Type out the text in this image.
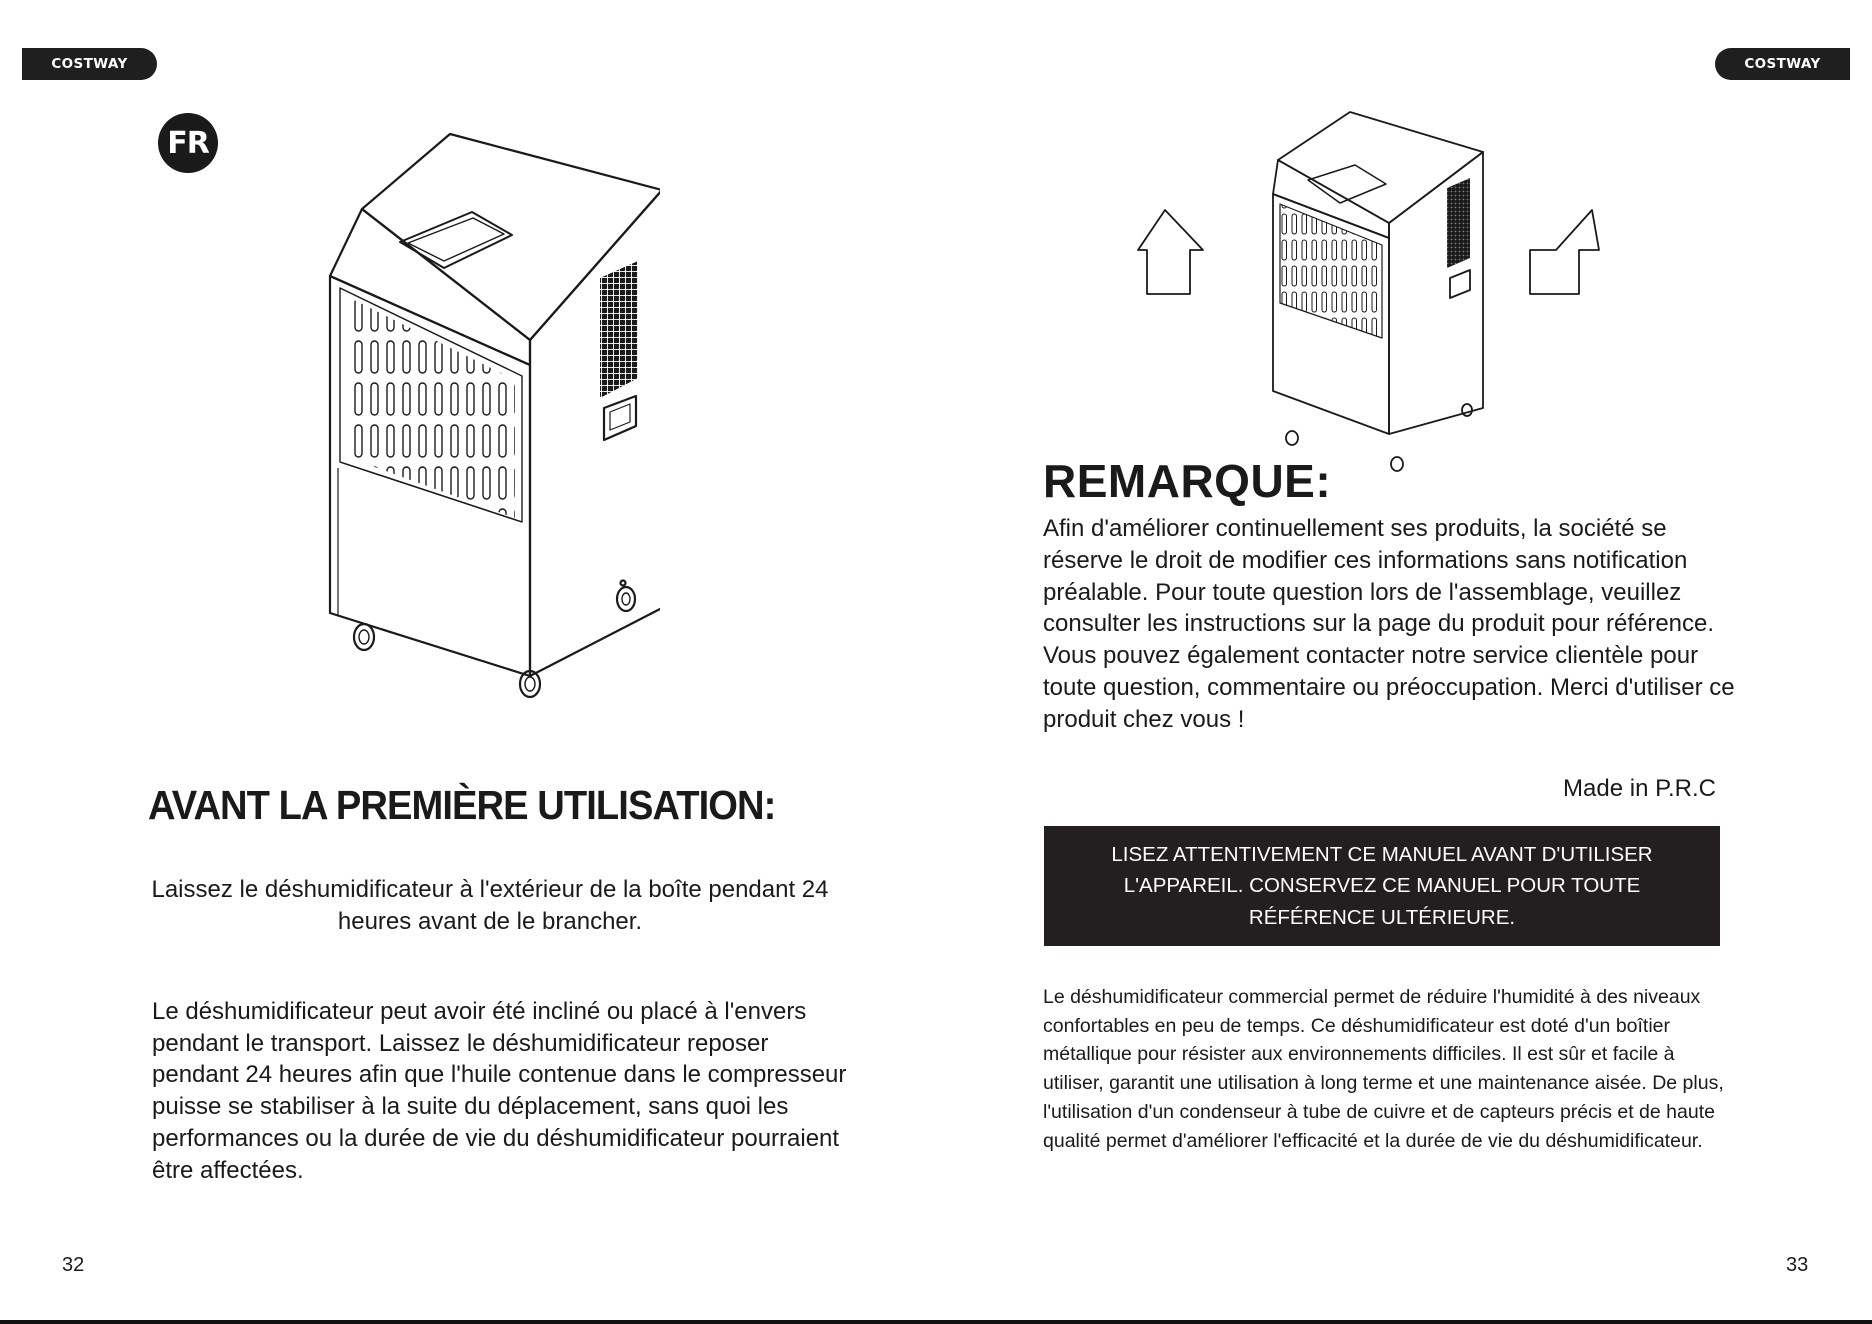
COSTWAY	COSTWAY
FR
AVANT LA PREMIÈRE UTILISATION:

Laissez le déshumidificateur à l'extérieur de la boîte pendant 24 heures avant de le brancher.

Le déshumidificateur peut avoir été incliné ou placé à l'envers pendant le transport. Laissez le déshumidificateur reposer pendant 24 heures afin que l'huile contenue dans le compresseur puisse se stabiliser à la suite du déplacement, sans quoi les performances ou la durée de vie du déshumidificateur pourraient être affectées.

32
REMARQUE:

Afin d'améliorer continuellement ses produits, la société se réserve le droit de modifier ces informations sans notification préalable. Pour toute question lors de l'assemblage, veuillez consulter les instructions sur la page du produit pour référence. Vous pouvez également contacter notre service clientèle pour toute question, commentaire ou préoccupation. Merci d'utiliser ce produit chez vous !

Made in P.R.C

LISEZ ATTENTIVEMENT CE MANUEL AVANT D'UTILISER L'APPAREIL. CONSERVEZ CE MANUEL POUR TOUTE RÉFÉRENCE ULTÉRIEURE.

Le déshumidificateur commercial permet de réduire l'humidité à des niveaux confortables en peu de temps. Ce déshumidificateur est doté d'un boîtier métallique pour résister aux environnements difficiles. Il est sûr et facile à utiliser, garantit une utilisation à long terme et une maintenance aisée. De plus, l'utilisation d'un condenseur à tube de cuivre et de capteurs précis et de haute qualité permet d'améliorer l'efficacité et la durée de vie du déshumidificateur.

33
